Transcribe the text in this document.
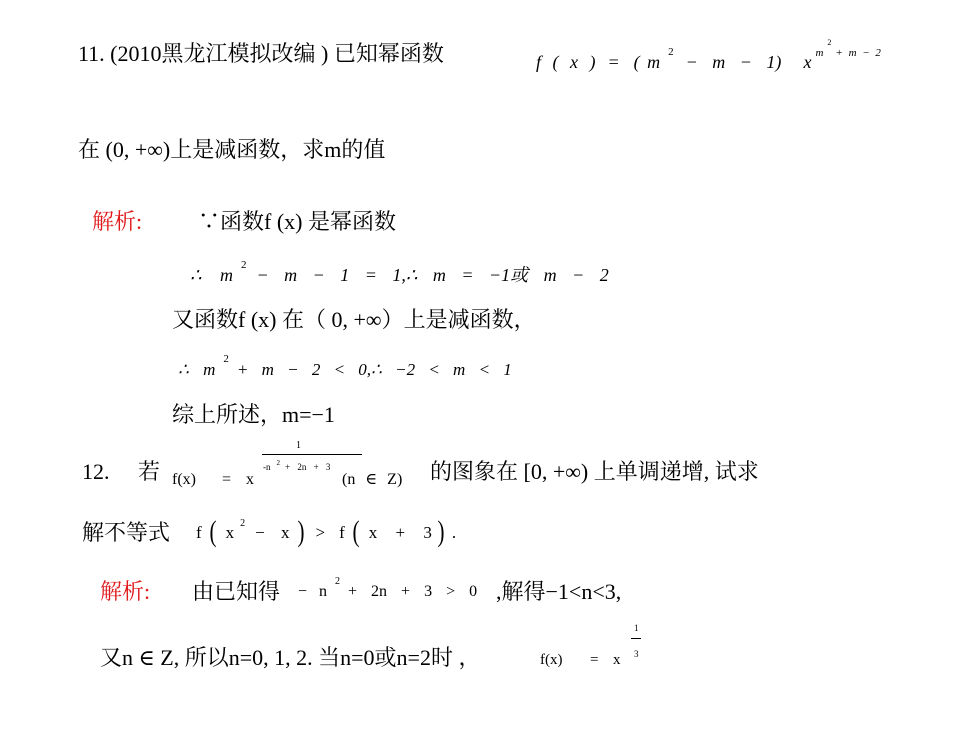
11. (2010黑龙江模拟改编 ) 已知幂函数	f ( x ) = ( m 2 − m − 1) x m
2
+ m − 2
在 (0, +∞)上是减函数，求m的值
解析:	∵函数f (x) 是幂函数
∴ m 2 − m − 1 = 1,∴ m = −1或 m − 2
又函数f (x) 在（ 0, +∞）上是减函数，
∴ m
2
+ m − 2 < 0,∴ −2 < m < 1
综上所述，m=−1
12. 若

f(x)

=

x

1

-n 2 + 2n + 3

(n ∈ Z) 的图象在 [0, +∞) 上单调递增, 试求
解不等式 f ( x 2 − x ) > f ( x + 3 ) .
解析: 由已知得 − n
2
+ 2n + 3 > 0 ,解得−1<n<3,
又n ∈ Z, 所以n=0, 1, 2. 当n=0或n=2时 ，

	f(x)

=

x

1

3
